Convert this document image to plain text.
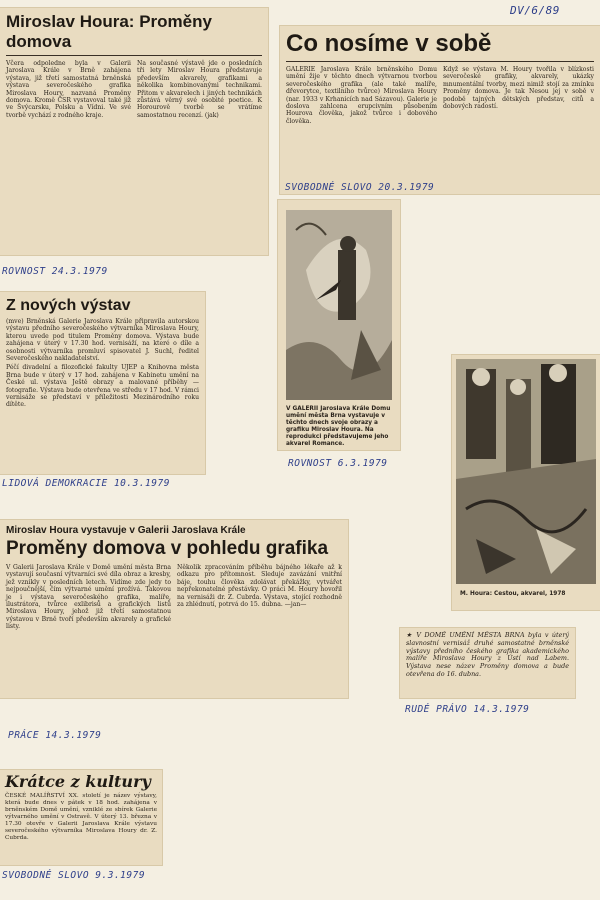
DV/6/89
Miroslav Houra: Proměny domova

Včera odpoledne byla v Galerii Jaroslava Krále v Brně zahájena výstava, již třetí samostatná brněnská výstava severočeského grafika Miroslava Houry, nazvaná Proměny domova. Kromě ČSR vystavoval také již ve Švýcarsku, Polsku a Vídni. Ve své tvorbě vychází z rodného kraje.

Na současné výstavě jde o posledních tři lety Miroslav Houra představuje především akvarely, grafikami a několika kombinovanými technikami. Přitom v akvarelech i jiných technikách zůstává věrný své osobité poetice. K Horourově tvorbě se vrátíme samostatnou recenzí. (jak)

ROVNOST 24.3.1979
Co nosíme v sobě

GALERIE Jaroslava Krále brněnského Domu umění žije v těchto dnech výtvarnou tvorbou severočeského grafika (ale také malíře, dřevorytce, textilního tvůrce) Miroslava Houry (nar. 1933 v Krhanicích nad Sázavou). Galerie je doslova zahlcena erupcivním působením Hourova člověka, jakož tvůrce i dobového člověka.

Když se výstava M. Houry tvořila v blízkosti severočeské grafiky, akvarely, ukázky mnumentální tvorby, mezi nimiž stojí za zmínku Proměny domova. Je tak Nesou jej v sobě v podobě tajných dětských představ, citů a dobových radostí.

SVOBODNÉ SLOVO 20.3.1979
Z nových výstav

(mve) Brněnská Galerie Jaroslava Krále připravila autorskou výstavu předního severočeského výtvarníka Miroslava Houry, kterou uvede pod titulem Proměny domova. Výstava bude zahájena v úterý v 17.30 hod. vernisáží, na které o díle a osobnosti výtvarníka promluví spisovatel J. Suchl, ředitel Severočeského nakladatelství.

Péčí divadelní a filozofické fakulty UJEP a Knihovna města Brna bude v úterý v 17 hod. zahájena v Kabinetu umění na České ul. výstava Ještě obrazy a malované příběhy — fotografie. Výstava bude otevřena ve středu v 17 hod. V rámci vernisáže se představí v příležitosti Mezinárodního roku dítěte.

LIDOVÁ DEMOKRACIE 10.3.1979
V GALERII Jaroslava Krále Domu umění města Brna vystavuje v těchto dnech svoje obrazy a grafiku Miroslav Houra. Na reprodukci představujeme jeho akvarel Romance.
ROVNOST 6.3.1979
M. Houra: Cestou, akvarel, 1978
Miroslav Houra vystavuje v Galerii Jaroslava Krále
Proměny domova v pohledu grafika

V Galerii Jaroslava Krále v Domě umění města Brna vystavují současní výtvarníci své díla obraz a kresby, jež vznikly v posledních letech. Vidíme zde jedy to nejpoučnější, čím výtvarné umění prožívá. Takovou je i výstava severočeského grafika, malíře, ilustrátora, tvůrce exlibrisů a grafických listů Miroslava Houry, jehož již třetí samostatnou výstavou v Brně tvoří především akvarely a grafické listy.

Několik zpracováním příběhu bájného lékaře až k odkazu pro přítomnost. Sleduje zavázání vnitřní báje, touhu člověka zdolávat překážky, vytvářet nepřekonatelné přestávky. O práci M. Houry hovořil na vernisáži dr. Z. Cubrda. Výstava, stojící rozhodně za zhlédnutí, potrvá do 15. dubna. —jan—

PRÁCE 14.3.1979

★ V DOMĚ UMĚNÍ MĚSTA BRNA byla v úterý slavnostní vernisáž druhé samostatné brněnské výstavy předního českého grafika akademického malíře Miroslava Houry z Ústí nad Labem. Výstava nese název Proměny domova a bude otevřena do 16. dubna.

RUDÉ PRÁVO 14.3.1979
Krátce z kultury

ČESKÉ MALÍŘSTVÍ XX. století je název výstavy, která bude dnes v pátek v 18 hod. zahájena v brněnském Domě umění, vzniklé ze sbírek Galerie výtvarného umění v Ostravě. V úterý 13. března v 17.30 otevře v Galerii Jaroslava Krále výstavu severočeského výtvarníka Miroslava Houry dr. Z. Cubrda.

SVOBODNÉ SLOVO 9.3.1979
